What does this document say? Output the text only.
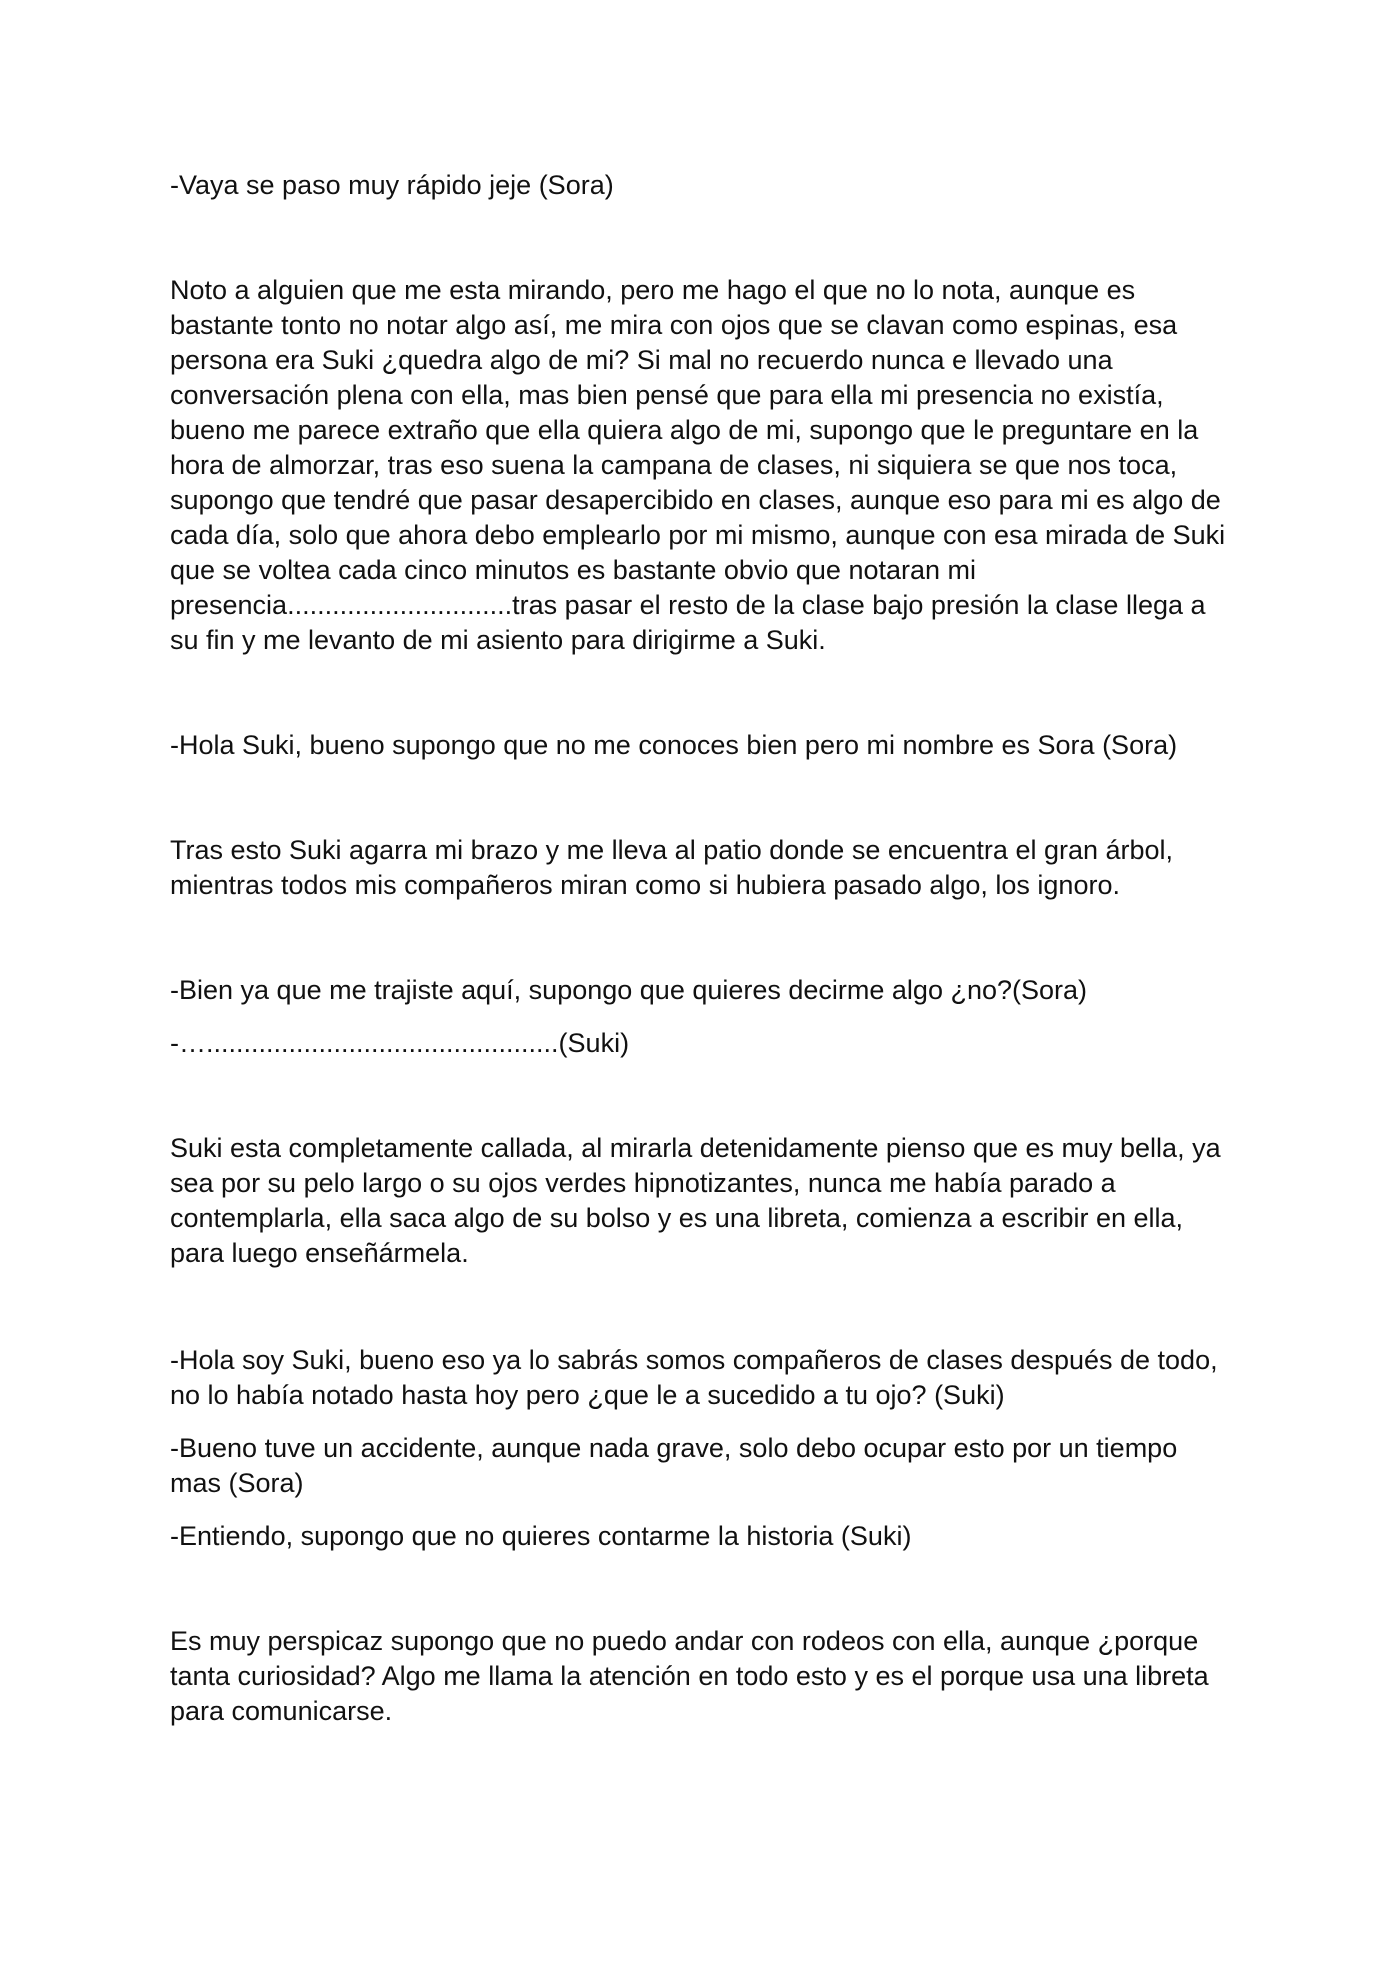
-Vaya se paso muy rápido jeje (Sora)

Noto a alguien que me esta mirando, pero me hago el que no lo nota, aunque es bastante tonto no notar algo así, me mira con ojos que se clavan como espinas, esa persona era Suki ¿quedra algo de mi? Si mal no recuerdo nunca e llevado una conversación plena con ella, mas bien pensé que para ella mi presencia no existía, bueno me parece extraño que ella quiera algo de mi, supongo que le preguntare en la hora de almorzar, tras eso suena la campana de clases, ni siquiera se que nos toca, supongo que tendré que pasar desapercibido en clases, aunque eso para mi es algo de cada día, solo que ahora debo emplearlo por mi mismo, aunque con esa mirada de Suki que se voltea cada cinco minutos es bastante obvio que notaran mi presencia..............................tras pasar el resto de la clase bajo presión la clase llega a su fin y me levanto de mi asiento para dirigirme a Suki.

-Hola Suki, bueno supongo que no me conoces bien pero mi nombre es Sora (Sora)

Tras esto Suki agarra mi brazo y me lleva al patio donde se encuentra el gran árbol, mientras todos mis compañeros miran como si hubiera pasado algo, los ignoro.

-Bien ya que me trajiste aquí, supongo que quieres decirme algo ¿no?(Sora)

-…...............................................(Suki)

Suki esta completamente callada, al mirarla detenidamente pienso que es muy bella, ya sea por su pelo largo o su ojos verdes hipnotizantes, nunca me había parado a contemplarla, ella saca algo de su bolso y es una libreta, comienza a escribir en ella, para luego enseñármela.

-Hola soy Suki, bueno eso ya lo sabrás somos compañeros de clases después de todo, no lo había notado hasta hoy pero ¿que le a sucedido a tu ojo? (Suki)

-Bueno tuve un accidente, aunque nada grave, solo debo ocupar esto por un tiempo mas (Sora)

-Entiendo, supongo que no quieres contarme la historia (Suki)

Es muy perspicaz supongo que no puedo andar con rodeos con ella, aunque ¿porque tanta curiosidad? Algo me llama la atención en todo esto y es el porque usa una libreta para comunicarse.
